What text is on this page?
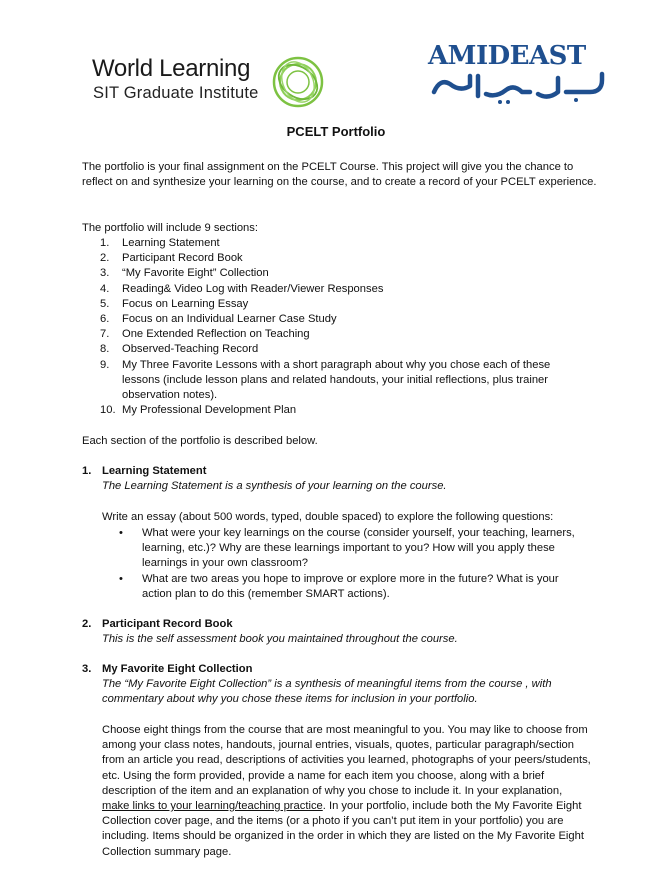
World Learning
SIT Graduate Institute
AMIDEAST
PCELT Portfolio
The portfolio is your final assignment on the PCELT Course. This project will give you the chance to reflect on and synthesize your learning on the course, and to create a record of your PCELT experience.
The portfolio will include 9 sections:
1. Learning Statement
2. Participant Record Book
3. “My Favorite Eight” Collection
4. Reading& Video Log with Reader/Viewer Responses
5. Focus on Learning Essay
6. Focus on an Individual Learner Case Study
7. One Extended Reflection on Teaching
8. Observed-Teaching Record
9. My Three Favorite Lessons with a short paragraph about why you chose each of these lessons (include lesson plans and related handouts, your initial reflections, plus trainer observation notes).
10. My Professional Development Plan
Each section of the portfolio is described below.
1. Learning Statement
The Learning Statement is a synthesis of your learning on the course.
Write an essay (about 500 words, typed, double spaced) to explore the following questions:
• What were your key learnings on the course (consider yourself, your teaching, learners, learning, etc.)? Why are these learnings important to you? How will you apply these learnings in your own classroom?
• What are two areas you hope to improve or explore more in the future? What is your action plan to do this (remember SMART actions).
2. Participant Record Book
This is the self assessment book you maintained throughout the course.
3. My Favorite Eight Collection
The “My Favorite Eight Collection” is a synthesis of meaningful items from the course , with commentary about why you chose these items for inclusion in your portfolio.
Choose eight things from the course that are most meaningful to you. You may like to choose from among your class notes, handouts, journal entries, visuals, quotes, particular paragraph/section from an article you read, descriptions of activities you learned, photographs of your peers/students, etc. Using the form provided, provide a name for each item you choose, along with a brief description of the item and an explanation of why you chose to include it. In your explanation, make links to your learning/teaching practice. In your portfolio, include both the My Favorite Eight Collection cover page, and the items (or a photo if you can’t put item in your portfolio) you are including. Items should be organized in the order in which they are listed on the My Favorite Eight Collection summary page.
